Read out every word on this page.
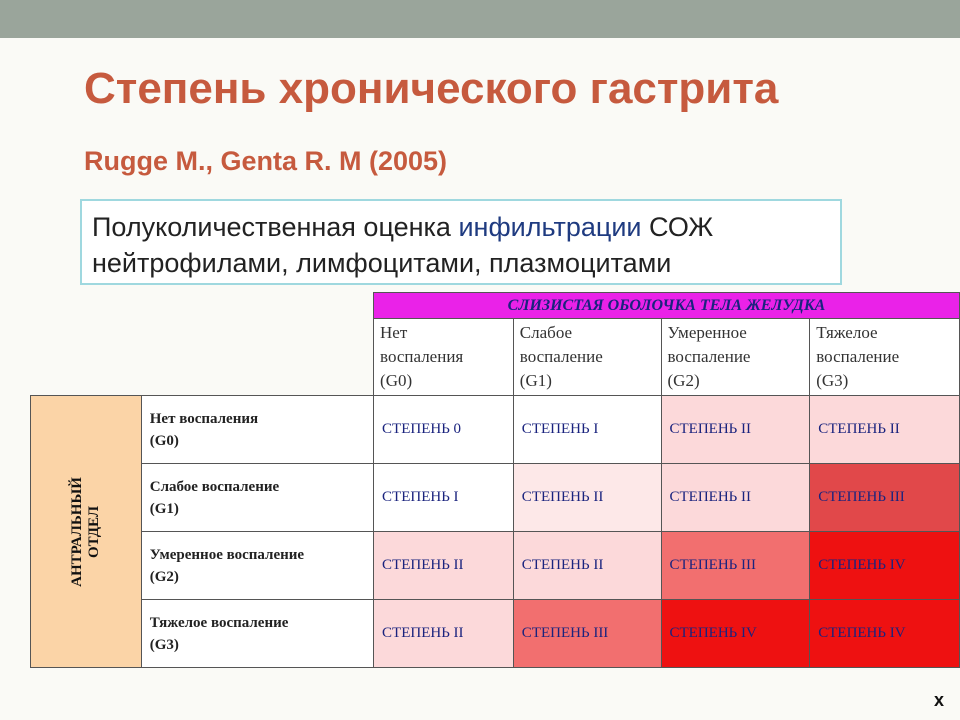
Степень хронического гастрита
Rugge M., Genta R. M (2005)
Полуколичественная оценка инфильтрации СОЖ нейтрофилами, лимфоцитами, плазмоцитами
		СЛИЗИСТАЯ ОБОЛОЧКА ТЕЛА ЖЕЛУДКА			
		Нет
воспаления
(G0)	Слабое
воспаление
(G1)	Умеренное
воспаление
(G2)	Тяжелое
воспаление
(G3)
АНТРАЛЬНЫЙ
ОТДЕЛ	Нет воспаления
(G0)	СТЕПЕНЬ 0	СТЕПЕНЬ I	СТЕПЕНЬ II	СТЕПЕНЬ II
	Слабое воспаление
(G1)	СТЕПЕНЬ I	СТЕПЕНЬ II	СТЕПЕНЬ II	СТЕПЕНЬ III
	Умеренное воспаление
(G2)	СТЕПЕНЬ II	СТЕПЕНЬ II	СТЕПЕНЬ III	СТЕПЕНЬ IV
	Тяжелое воспаление
(G3)	СТЕПЕНЬ II	СТЕПЕНЬ III	СТЕПЕНЬ IV	СТЕПЕНЬ IV
x
